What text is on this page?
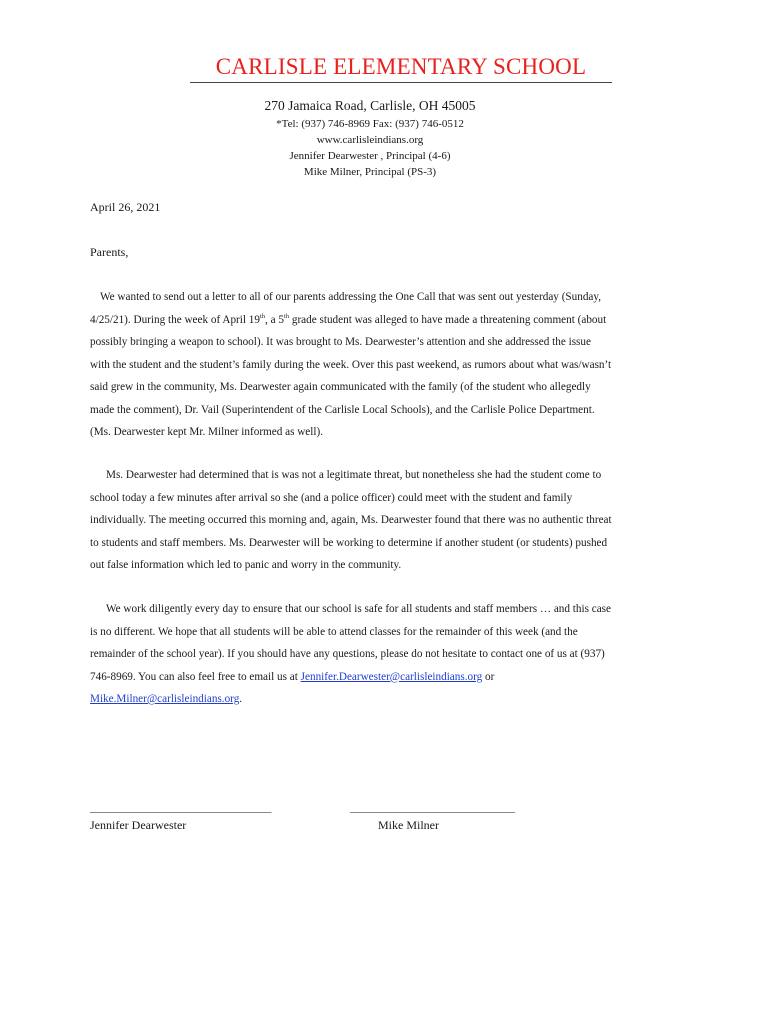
CARLISLE ELEMENTARY SCHOOL
270 Jamaica Road, Carlisle, OH 45005
*Tel: (937) 746-8969 Fax: (937) 746-0512
www.carlisleindians.org
Jennifer Dearwester , Principal (4-6)
Mike Milner, Principal (PS-3)
April 26, 2021
Parents,

We wanted to send out a letter to all of our parents addressing the One Call that was sent out yesterday (Sunday,

4/25/21). During the week of April 19th, a 5th grade student was alleged to have made a threatening comment (about

possibly bringing a weapon to school). It was brought to Ms. Dearwester’s attention and she addressed the issue

with the student and the student’s family during the week. Over this past weekend, as rumors about what was/wasn’t

said grew in the community, Ms. Dearwester again communicated with the family (of the student who allegedly

made the comment), Dr. Vail (Superintendent of the Carlisle Local Schools), and the Carlisle Police Department.

(Ms. Dearwester kept Mr. Milner informed as well).

Ms. Dearwester had determined that is was not a legitimate threat, but nonetheless she had the student come to

school today a few minutes after arrival so she (and a police officer) could meet with the student and family

individually. The meeting occurred this morning and, again, Ms. Dearwester found that there was no authentic threat

to students and staff members. Ms. Dearwester will be working to determine if another student (or students) pushed

out false information which led to panic and worry in the community.

We work diligently every day to ensure that our school is safe for all students and staff members … and this case

is no different. We hope that all students will be able to attend classes for the remainder of this week (and the

remainder of the school year). If you should have any questions, please do not hesitate to contact one of us at (937)

746-8969. You can also feel free to email us at Jennifer.Dearwester@carlisleindians.org or

Mike.Milner@carlisleindians.org.

_________________________________	______________________________
Jennifer Dearwester	Mike Milner
